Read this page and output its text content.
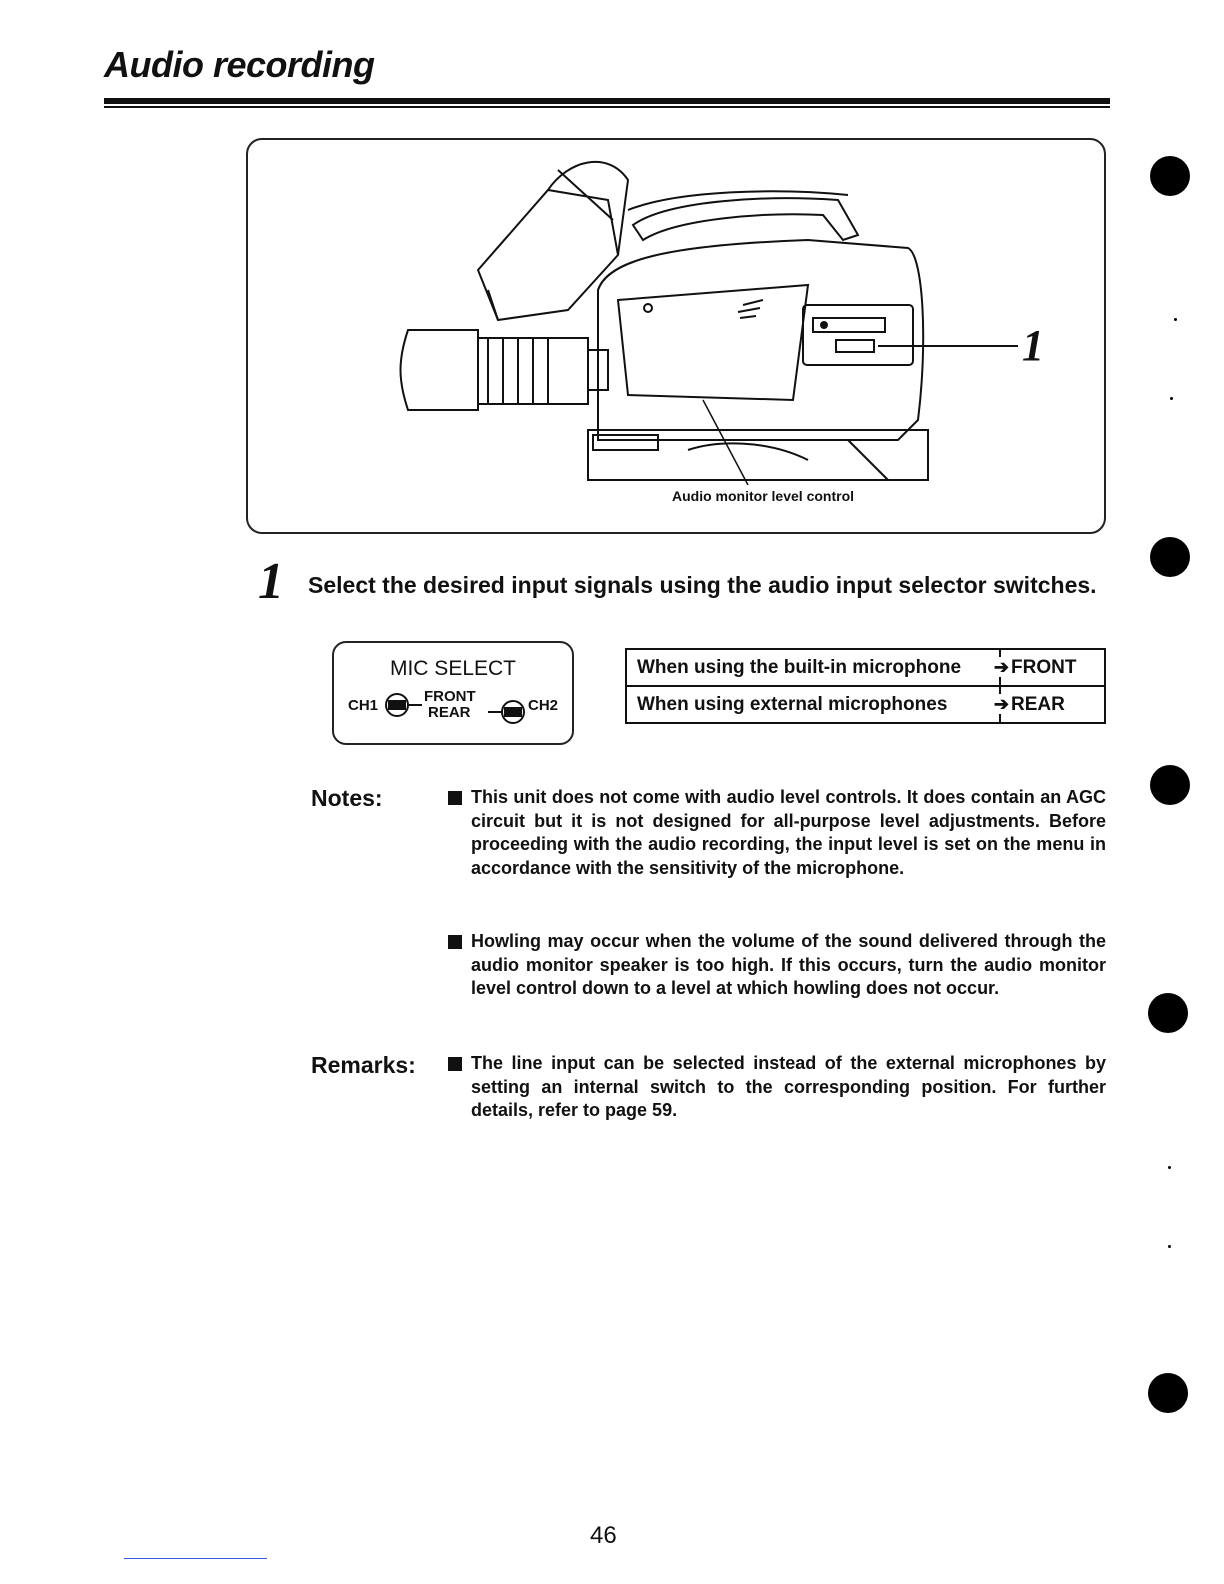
Audio recording
Audio monitor level control
1
1 Select the desired input signals using the audio input selector switches.
MIC SELECT
CH1
FRONT
REAR	CH2
When using the built-in microphone ➔	FRONT
When using external microphones ➔	REAR
Notes:	This unit does not come with audio level controls. It does contain an AGC circuit but it is not designed for all-purpose level adjustments. Before proceeding with the audio recording, the input level is set on the menu in accordance with the sensitivity of the microphone.

Howling may occur when the volume of the sound delivered through the audio monitor speaker is too high. If this occurs, turn the audio monitor level control down to a level at which howling does not occur.

Remarks:	The line input can be selected instead of the external microphones by setting an internal switch to the corresponding position. For further details, refer to page 59.

46
